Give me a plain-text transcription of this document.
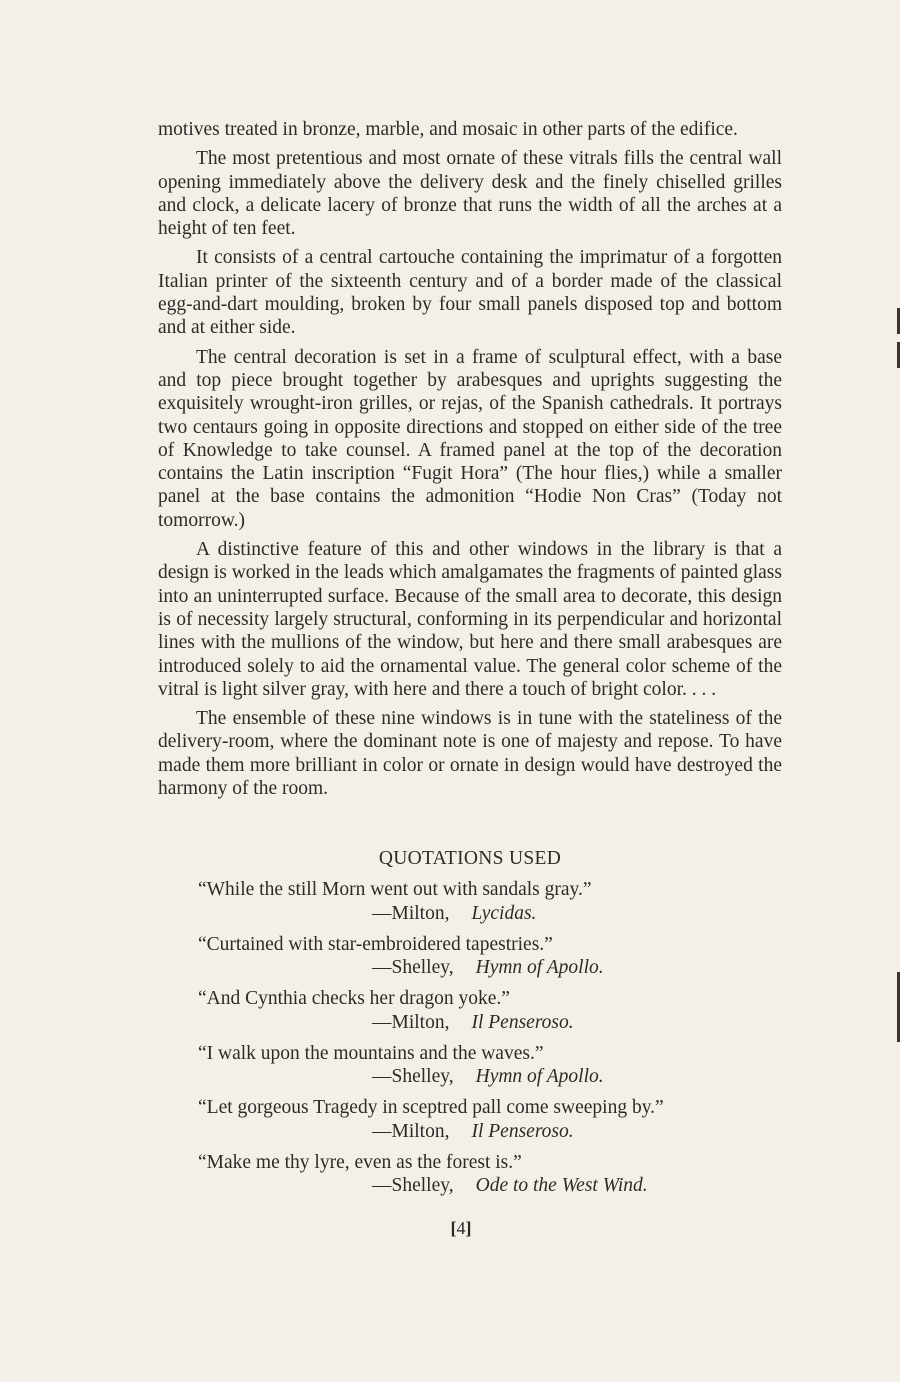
motives treated in bronze, marble, and mosaic in other parts of the edifice.

The most pretentious and most ornate of these vitrals fills the central wall opening immediately above the delivery desk and the finely chiselled grilles and clock, a delicate lacery of bronze that runs the width of all the arches at a height of ten feet.

It consists of a central cartouche containing the imprimatur of a forgotten Italian printer of the sixteenth century and of a border made of the classical egg-and-dart moulding, broken by four small panels disposed top and bottom and at either side.

The central decoration is set in a frame of sculptural effect, with a base and top piece brought together by arabesques and uprights suggesting the exquisitely wrought-iron grilles, or rejas, of the Spanish cathedrals. It portrays two centaurs going in opposite directions and stopped on either side of the tree of Knowledge to take counsel. A framed panel at the top of the decoration contains the Latin inscription “Fugit Hora” (The hour flies,) while a smaller panel at the base contains the admonition “Hodie Non Cras” (Today not tomorrow.)

A distinctive feature of this and other windows in the library is that a design is worked in the leads which amalgamates the fragments of painted glass into an uninterrupted surface. Because of the small area to decorate, this design is of necessity largely structural, conforming in its perpendicular and horizontal lines with the mullions of the window, but here and there small arabesques are introduced solely to aid the ornamental value. The general color scheme of the vitral is light silver gray, with here and there a touch of bright color. . . .

The ensemble of these nine windows is in tune with the stateliness of the delivery-room, where the dominant note is one of majesty and repose. To have made them more brilliant in color or ornate in design would have destroyed the harmony of the room.

QUOTATIONS USED
“While the still Morn went out with sandals gray.”
—Milton, Lycidas.
“Curtained with star-embroidered tapestries.”
—Shelley, Hymn of Apollo.
“And Cynthia checks her dragon yoke.”
—Milton, Il Penseroso.
“I walk upon the mountains and the waves.”
—Shelley, Hymn of Apollo.
“Let gorgeous Tragedy in sceptred pall come sweeping by.”
—Milton, Il Penseroso.
“Make me thy lyre, even as the forest is.”
—Shelley, Ode to the West Wind.
[4]
